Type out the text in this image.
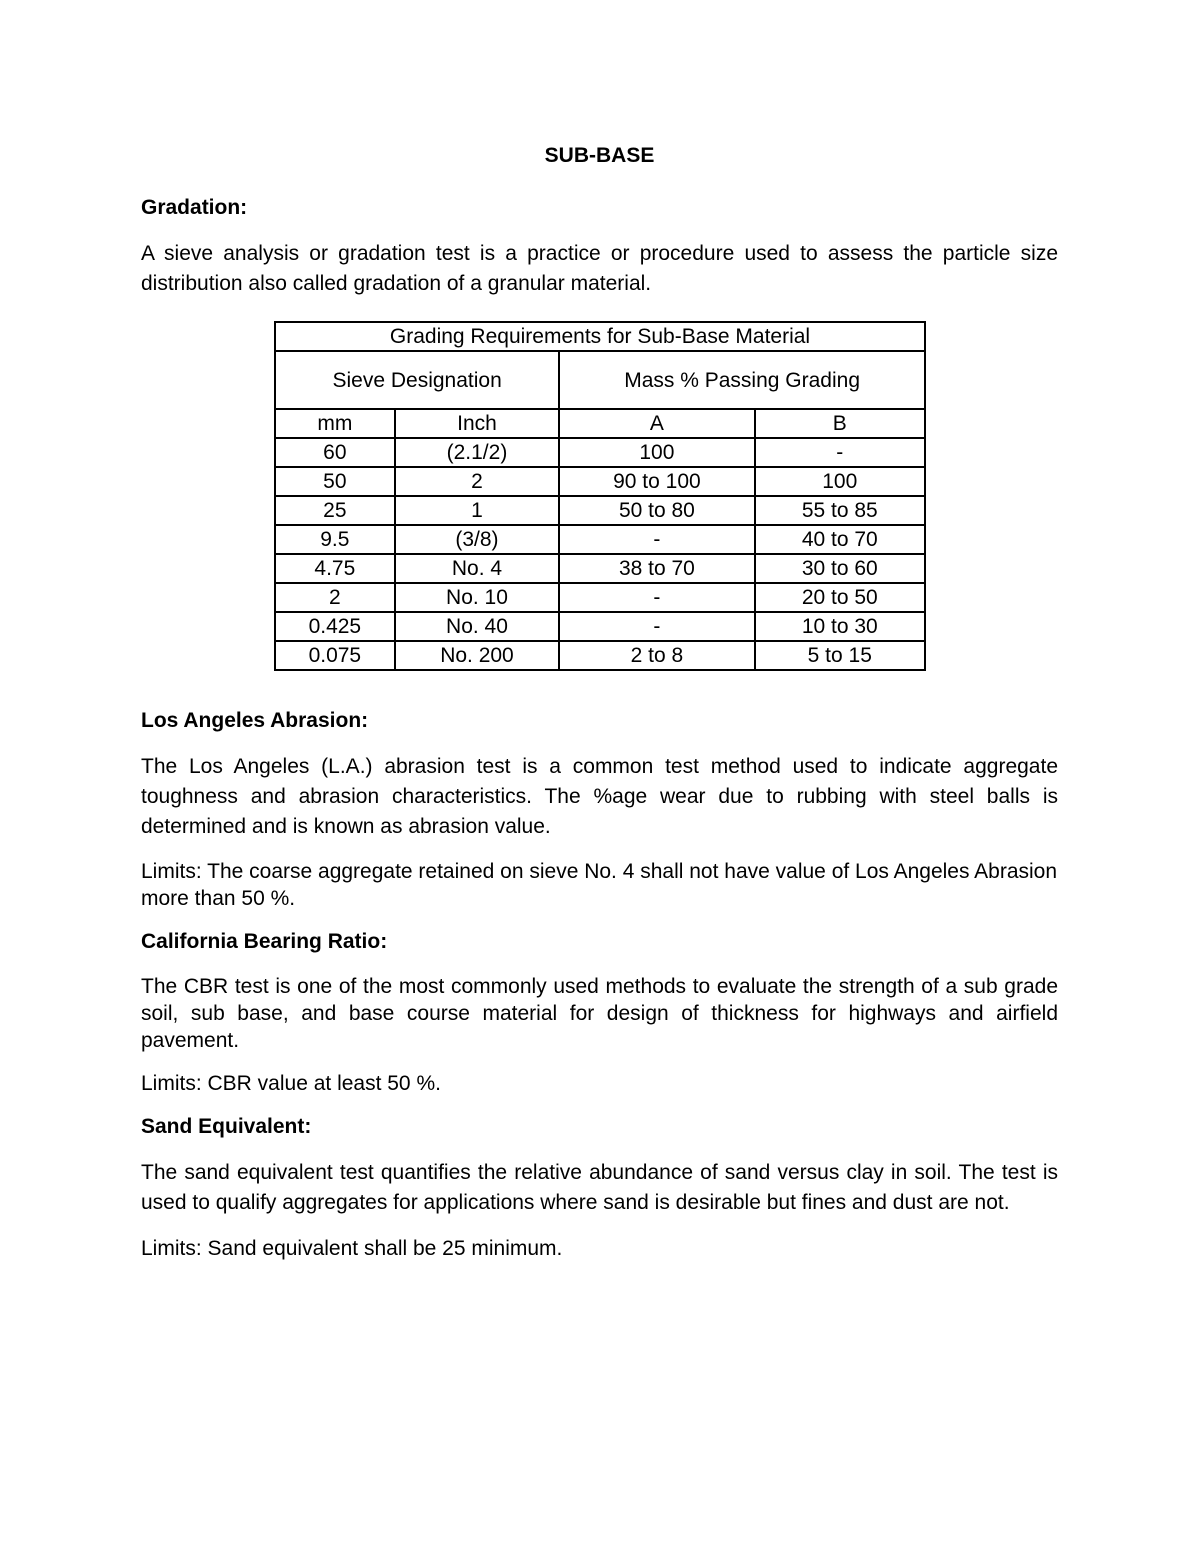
SUB-BASE
Gradation:
A sieve analysis or gradation test is a practice or procedure used to assess the particle size distribution also called gradation of a granular material.
Grading Requirements for Sub-Base Material			
Sieve Designation		Mass % Passing Grading	
mm	Inch	A	B
60	(2.1/2)	100	-
50	2	90 to 100	100
25	1	50 to 80	55 to 85
9.5	(3/8)	-	40 to 70
4.75	No. 4	38 to 70	30 to 60
2	No. 10	-	20 to 50
0.425	No. 40	-	10 to 30
0.075	No. 200	2 to 8	5 to 15
Los Angeles Abrasion:
The Los Angeles (L.A.) abrasion test is a common test method used to indicate aggregate toughness and abrasion characteristics. The %age wear due to rubbing with steel balls is determined and is known as abrasion value.
Limits: The coarse aggregate retained on sieve No. 4 shall not have value of Los Angeles Abrasion more than 50 %.
California Bearing Ratio:
The CBR test is one of the most commonly used methods to evaluate the strength of a sub grade soil, sub base, and base course material for design of thickness for highways and airfield pavement.
Limits: CBR value at least 50 %.
Sand Equivalent:
The sand equivalent test quantifies the relative abundance of sand versus clay in soil. The test is used to qualify aggregates for applications where sand is desirable but fines and dust are not.
Limits: Sand equivalent shall be 25 minimum.
